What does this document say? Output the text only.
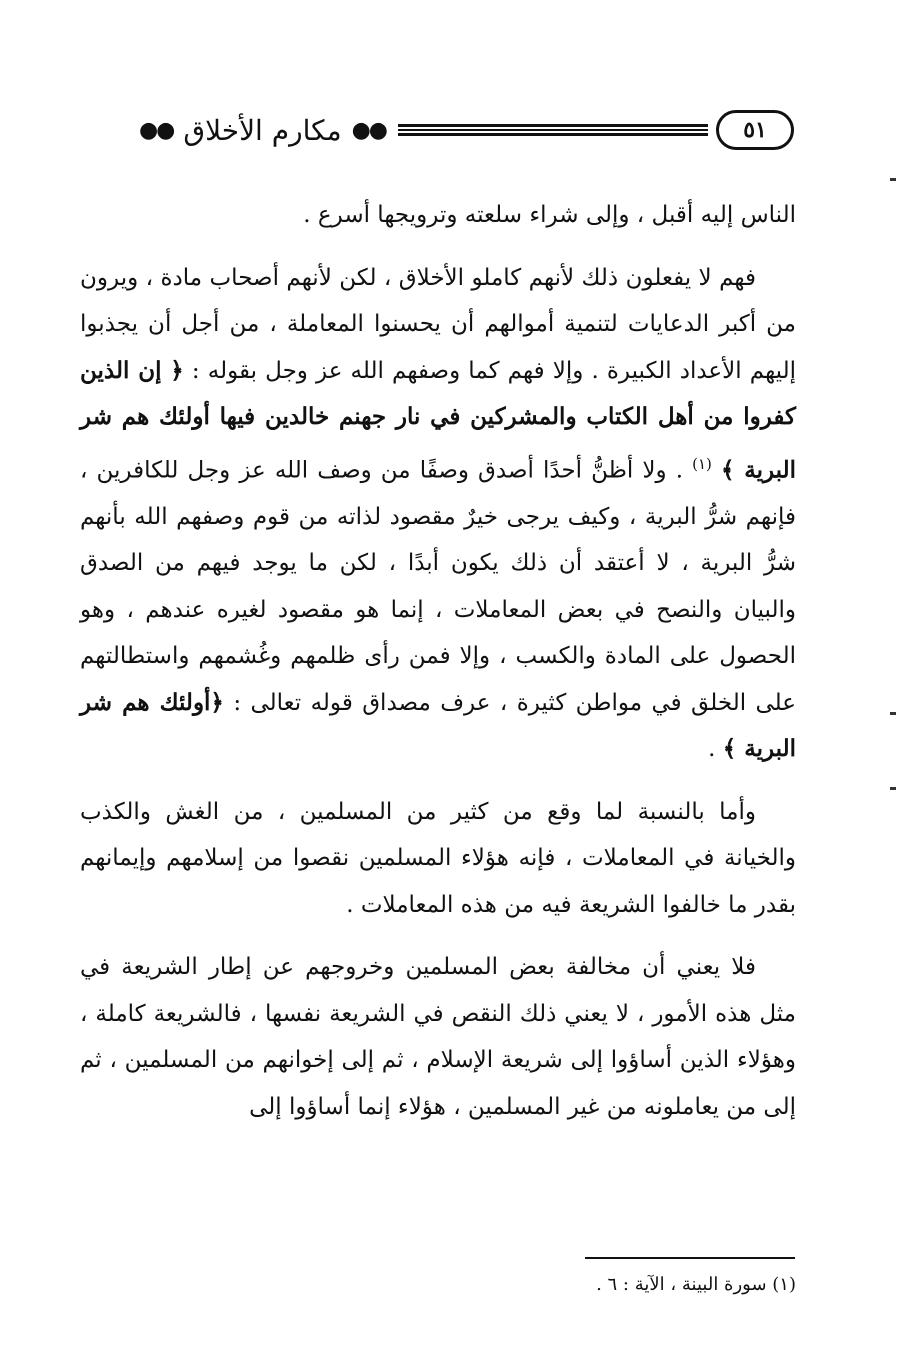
٥١
●●
مكارم الأخلاق
●●

الناس إليه أقبل ، وإلى شراء سلعته وترويجها أسرع .

فهم لا يفعلون ذلك لأنهم كاملو الأخلاق ، لكن لأنهم أصحاب مادة ، ويرون من أكبر الدعايات لتنمية أموالهم أن يحسنوا المعاملة ، من أجل أن يجذبوا إليهم الأعداد الكبيرة . وإلا فهم كما وصفهم الله عز وجل بقوله : ﴿ إن الذين كفروا من أهل الكتاب والمشركين في نار جهنم خالدين فيها أولئك هم شر البرية ﴾ $^{(١)}$ . ولا أظنُّ أحدًا أصدق وصفًا من وصف الله عز وجل للكافرين ، فإنهم شرُّ البرية ، وكيف يرجى خيرٌ مقصود لذاته من قوم وصفهم الله بأنهم شرُّ البرية ، لا أعتقد أن ذلك يكون أبدًا ، لكن ما يوجد فيهم من الصدق والبيان والنصح في بعض المعاملات ، إنما هو مقصود لغيره عندهم ، وهو الحصول على المادة والكسب ، وإلا فمن رأى ظلمهم وغُشمهم واستطالتهم على الخلق في مواطن كثيرة ، عرف مصداق قوله تعالى : ﴿أولئك هم شر البرية ﴾ .

وأما بالنسبة لما وقع من كثير من المسلمين ، من الغش والكذب والخيانة في المعاملات ، فإنه هؤلاء المسلمين نقصوا من إسلامهم وإيمانهم بقدر ما خالفوا الشريعة فيه من هذه المعاملات .

فلا يعني أن مخالفة بعض المسلمين وخروجهم عن إطار الشريعة في مثل هذه الأمور ، لا يعني ذلك النقص في الشريعة نفسها ، فالشريعة كاملة ، وهؤلاء الذين أساؤوا إلى شريعة الإسلام ، ثم إلى إخوانهم من المسلمين ، ثم إلى من يعاملونه من غير المسلمين ، هؤلاء إنما أساؤوا إلى

(١) سورة البينة ، الآية : ٦ .
